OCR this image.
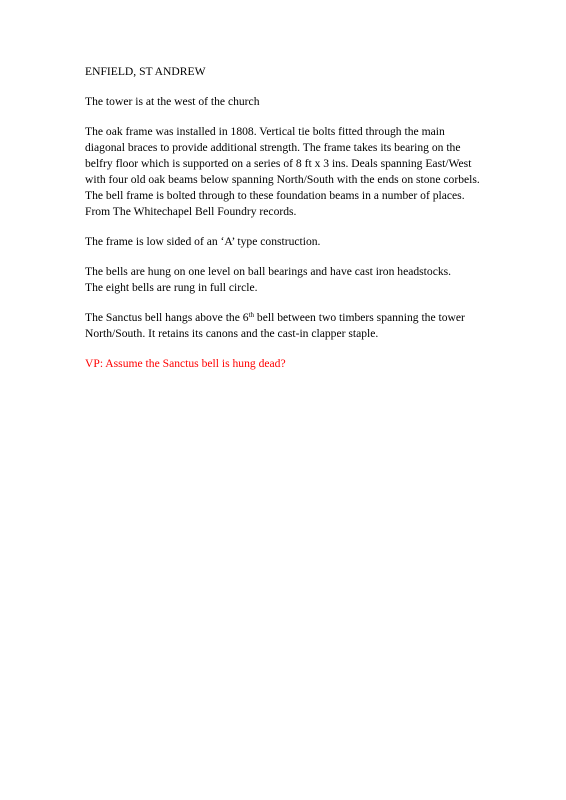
ENFIELD, ST ANDREW

The tower is at the west of the church

The oak frame was installed in 1808. Vertical tie bolts fitted through the main
diagonal braces to provide additional strength. The frame takes its bearing on the
belfry floor which is supported on a series of 8 ft x 3 ins. Deals spanning East/West
with four old oak beams below spanning North/South with the ends on stone corbels.
The bell frame is bolted through to these foundation beams in a number of places.
From The Whitechapel Bell Foundry records.

The frame is low sided of an ‘A’ type construction.

The bells are hung on one level on ball bearings and have cast iron headstocks.
The eight bells are rung in full circle.

The Sanctus bell hangs above the 6th bell between two timbers spanning the tower
North/South. It retains its canons and the cast-in clapper staple.

VP: Assume the Sanctus bell is hung dead?
